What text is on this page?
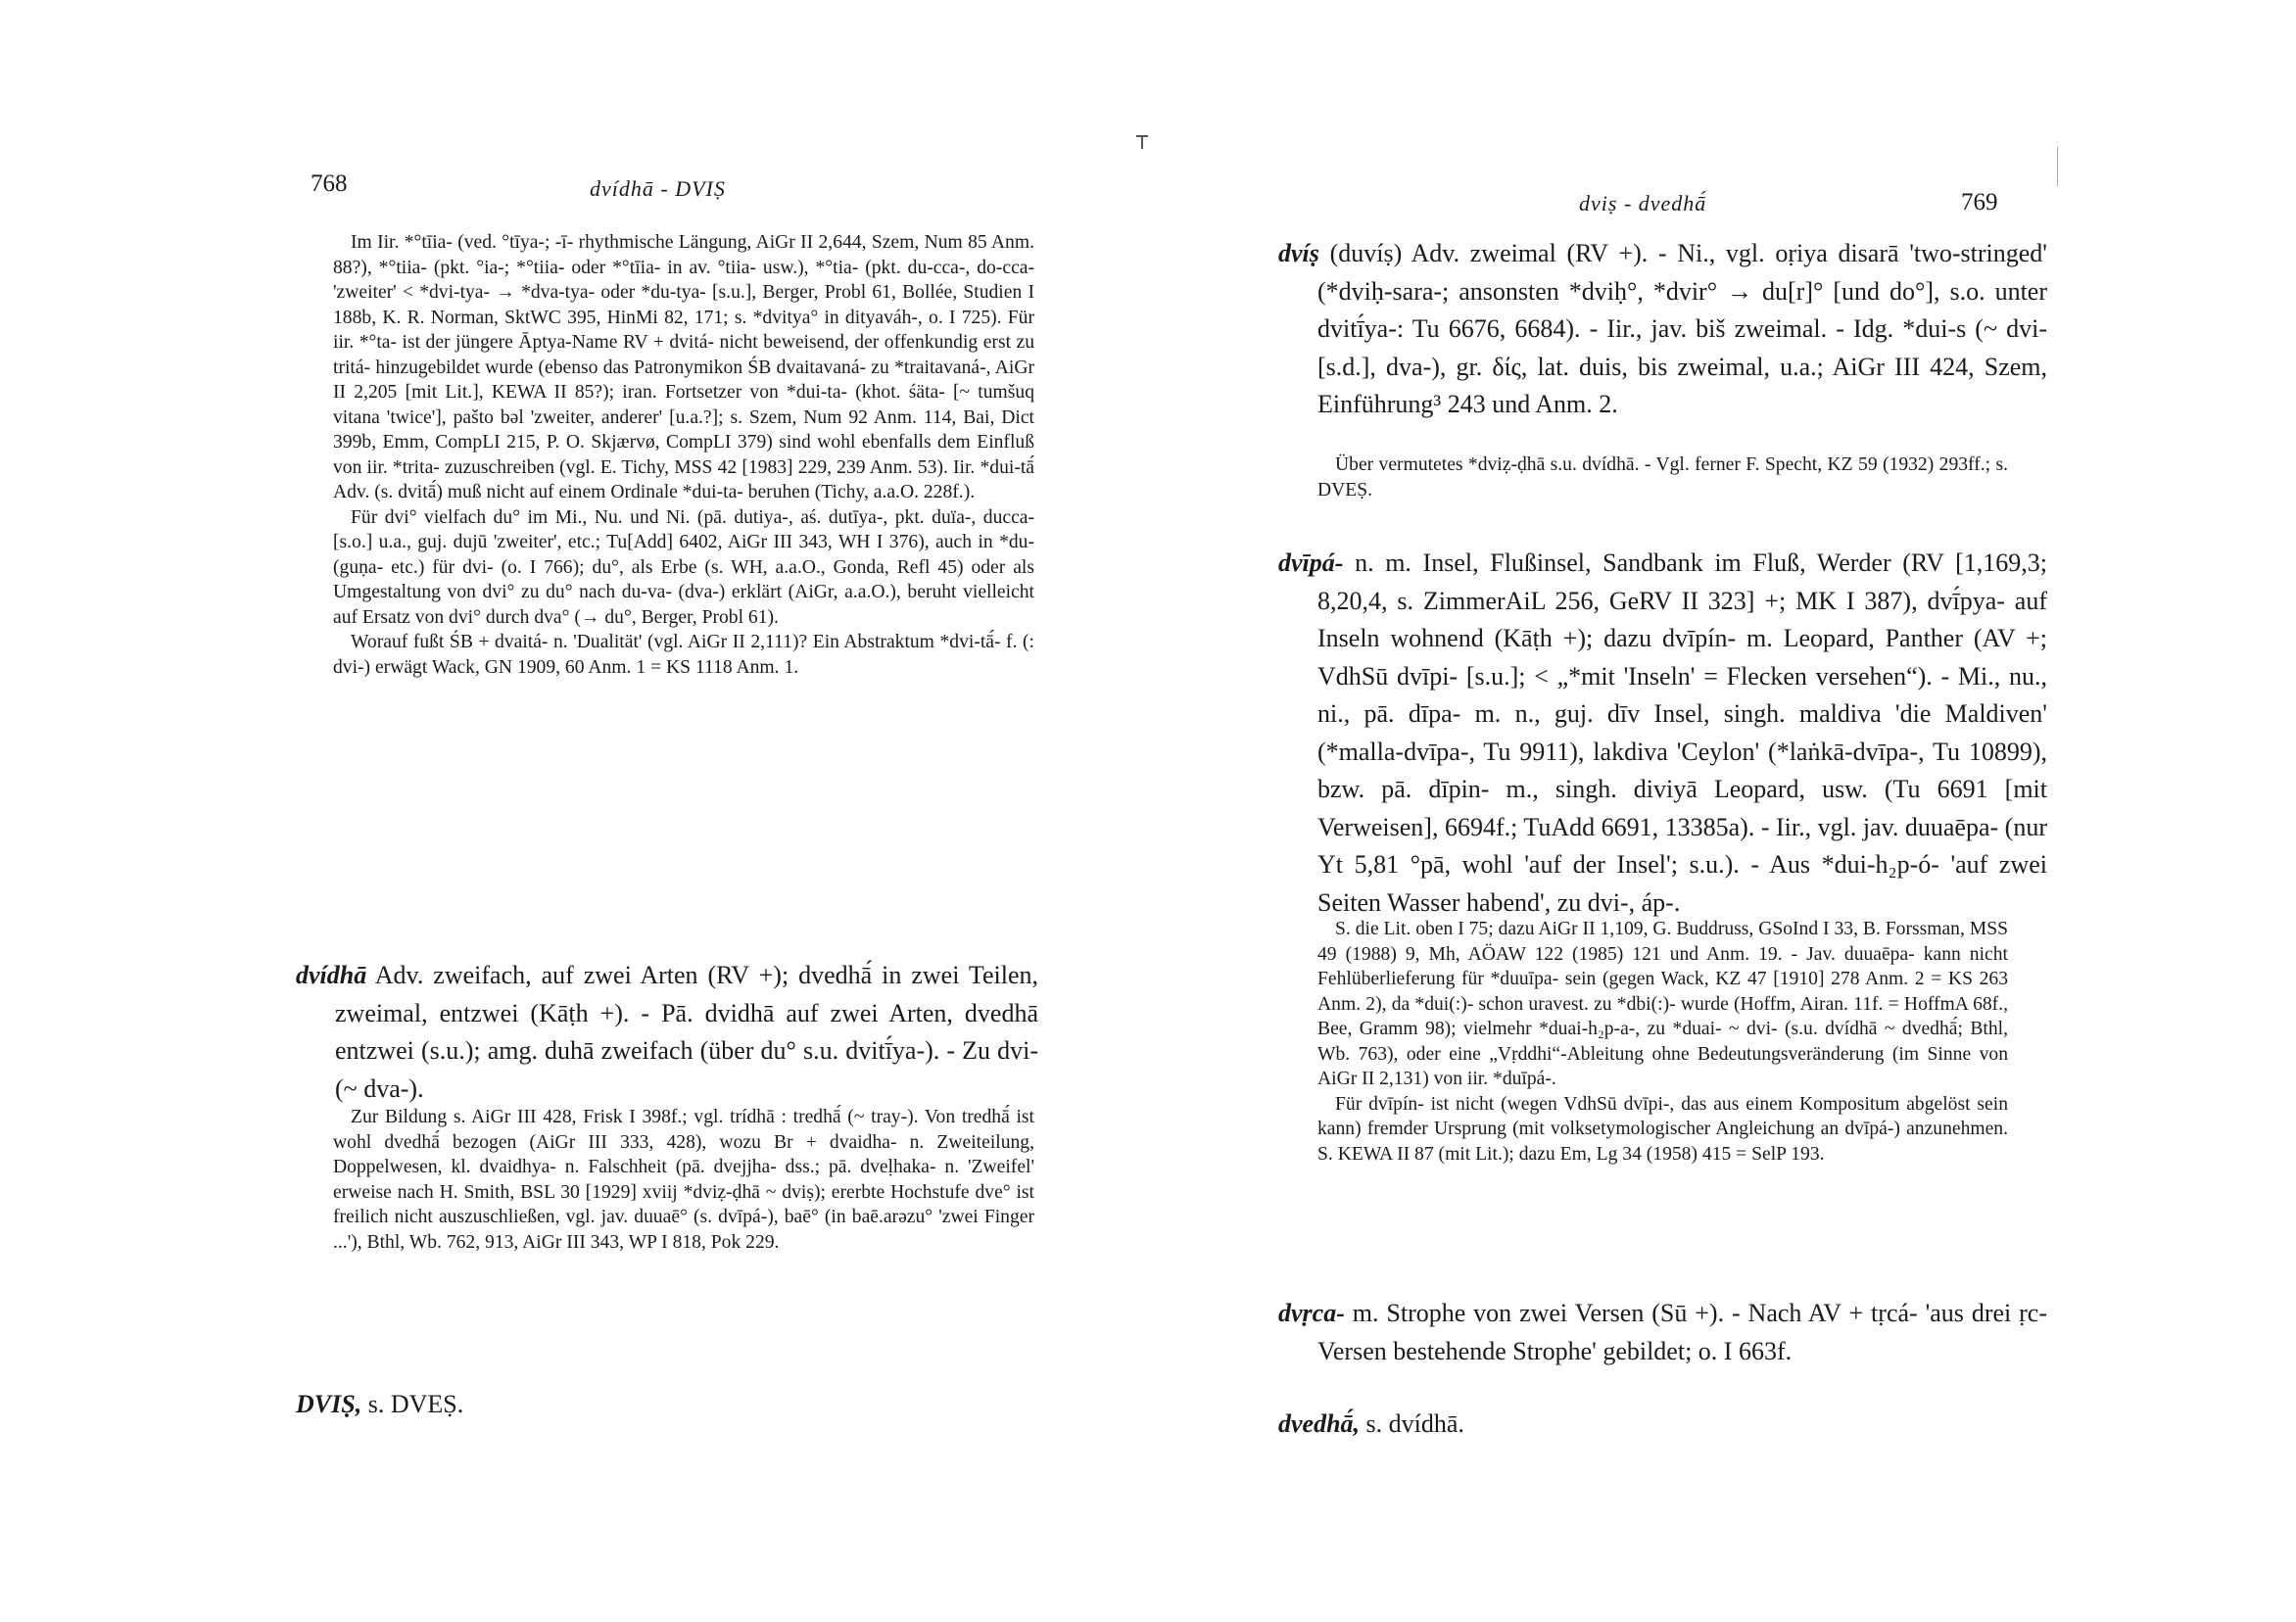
768	dvídhā - DVIṢ

Im Iir. *°tīia- (ved. °tīya-; -ī- rhythmische Längung, AiGr II 2,644, Szem, Num 85 Anm. 88?), *°tiia- (pkt. °ia-; *°tiia- oder *°tīia- in av. °tiia- usw.), *°tia- (pkt. du-cca-, do-cca- 'zweiter' < *dvi-tya- → *dva-tya- oder *du-tya- [s.u.], Berger, Probl 61, Bollée, Studien I 188b, K. R. Norman, SktWC 395, HinMi 82, 171; s. *dvitya° in dityaváh-, o. I 725). Für iir. *°ta- ist der jüngere Āptya-Name RV + dvitá- nicht beweisend, der offenkundig erst zu tritá- hinzugebildet wurde (ebenso das Patronymikon ŚB dvaitavaná- zu *traitavaná-, AiGr II 2,205 [mit Lit.], KEWA II 85?); iran. Fortsetzer von *dui-ta- (khot. śäta- [~ tumšuq vitana 'twice'], pašto bəl 'zweiter, anderer' [u.a.?]; s. Szem, Num 92 Anm. 114, Bai, Dict 399b, Emm, CompLI 215, P. O. Skjærvø, CompLI 379) sind wohl ebenfalls dem Einfluß von iir. *trita- zuzuschreiben (vgl. E. Tichy, MSS 42 [1983] 229, 239 Anm. 53). Iir. *dui-tā́ Adv. (s. dvitā́) muß nicht auf einem Ordinale *dui-ta- beruhen (Tichy, a.a.O. 228f.).

Für dvi° vielfach du° im Mi., Nu. und Ni. (pā. dutiya-, aś. dutīya-, pkt. duïa-, ducca- [s.o.] u.a., guj. dujū 'zweiter', etc.; Tu[Add] 6402, AiGr III 343, WH I 376), auch in *du-(guṇa- etc.) für dvi- (o. I 766); du°, als Erbe (s. WH, a.a.O., Gonda, Refl 45) oder als Umgestaltung von dvi° zu du° nach du-va- (dva-) erklärt (AiGr, a.a.O.), beruht vielleicht auf Ersatz von dvi° durch dva° (→ du°, Berger, Probl 61).

Worauf fußt ŚB + dvaitá- n. 'Dualität' (vgl. AiGr II 2,111)? Ein Abstraktum *dvi-tā́- f. (: dvi-) erwägt Wack, GN 1909, 60 Anm. 1 = KS 1118 Anm. 1.

dvídhā Adv. zweifach, auf zwei Arten (RV +); dvedhā́ in zwei Teilen, zweimal, entzwei (Kāṭh +). - Pā. dvidhā auf zwei Arten, dvedhā entzwei (s.u.); amg. duhā zweifach (über du° s.u. dvitī́ya-). - Zu dvi- (~ dva-).
Zur Bildung s. AiGr III 428, Frisk I 398f.; vgl. trídhā : tredhā́ (~ tray-). Von tredhā́ ist wohl dvedhā́ bezogen (AiGr III 333, 428), wozu Br + dvaidha- n. Zweiteilung, Doppelwesen, kl. dvaidhya- n. Falschheit (pā. dvejjha- dss.; pā. dveḷhaka- n. 'Zweifel' erweise nach H. Smith, BSL 30 [1929] xviij *dviẓ-ḍhā ~ dviṣ); ererbte Hochstufe dve° ist freilich nicht auszuschließen, vgl. jav. duuaē° (s. dvīpá-), baē° (in baē.arəzu° 'zwei Finger ...'), Bthl, Wb. 762, 913, AiGr III 343, WP I 818, Pok 229.
DVIṢ, s. DVEṢ.
dviṣ - dvedhā́	769
dvíṣ (duvíṣ) Adv. zweimal (RV +). - Ni., vgl. oṛiya disarā 'two-stringed' (*dviḥ-sara-; ansonsten *dviḥ°, *dvir° → du[r]° [und do°], s.o. unter dvitī́ya-: Tu 6676, 6684). - Iir., jav. biš zweimal. - Idg. *dui-s (~ dvi- [s.d.], dva-), gr. δίς, lat. duis, bis zweimal, u.a.; AiGr III 424, Szem, Einführung³ 243 und Anm. 2.
Über vermutetes *dviẓ-ḍhā s.u. dvídhā. - Vgl. ferner F. Specht, KZ 59 (1932) 293ff.; s. DVEṢ.
dvīpá- n. m. Insel, Flußinsel, Sandbank im Fluß, Werder (RV [1,169,3; 8,20,4, s. ZimmerAiL 256, GeRV II 323] +; MK I 387), dvī́pya- auf Inseln wohnend (Kāṭh +); dazu dvīpín- m. Leopard, Panther (AV +; VdhSū dvīpi- [s.u.]; < „*mit 'Inseln' = Flecken versehen“). - Mi., nu., ni., pā. dīpa- m. n., guj. dīv Insel, singh. maldiva 'die Maldiven' (*malla-dvīpa-, Tu 9911), lakdiva 'Ceylon' (*laṅkā-dvīpa-, Tu 10899), bzw. pā. dīpin- m., singh. diviyā Leopard, usw. (Tu 6691 [mit Verweisen], 6694f.; TuAdd 6691, 13385a). - Iir., vgl. jav. duuaēpa- (nur Yt 5,81 °pā, wohl 'auf der Insel'; s.u.). - Aus *dui-h₂p-ó- 'auf zwei Seiten Wasser habend', zu dvi-, áp-.

S. die Lit. oben I 75; dazu AiGr II 1,109, G. Buddruss, GSoInd I 33, B. Forssman, MSS 49 (1988) 9, Mh, AÖAW 122 (1985) 121 und Anm. 19. - Jav. duuaēpa- kann nicht Fehlüberlieferung für *duuīpa- sein (gegen Wack, KZ 47 [1910] 278 Anm. 2 = KS 263 Anm. 2), da *dui(:)- schon uravest. zu *dbi(:)- wurde (Hoffm, Airan. 11f. = HoffmA 68f., Bee, Gramm 98); vielmehr *duai-h₂p-a-, zu *duai- ~ dvi- (s.u. dvídhā ~ dvedhā́; Bthl, Wb. 763), oder eine „Vṛddhi“-Ableitung ohne Bedeutungsveränderung (im Sinne von AiGr II 2,131) von iir. *duīpá-.

Für dvīpín- ist nicht (wegen VdhSū dvīpi-, das aus einem Kompositum abgelöst sein kann) fremder Ursprung (mit volksetymologischer Angleichung an dvīpá-) anzunehmen. S. KEWA II 87 (mit Lit.); dazu Em, Lg 34 (1958) 415 = SelP 193.

dvṛca- m. Strophe von zwei Versen (Sū +). - Nach AV + tṛcá- 'aus drei ṛc-Versen bestehende Strophe' gebildet; o. I 663f.
dvedhā́, s. dvídhā.
